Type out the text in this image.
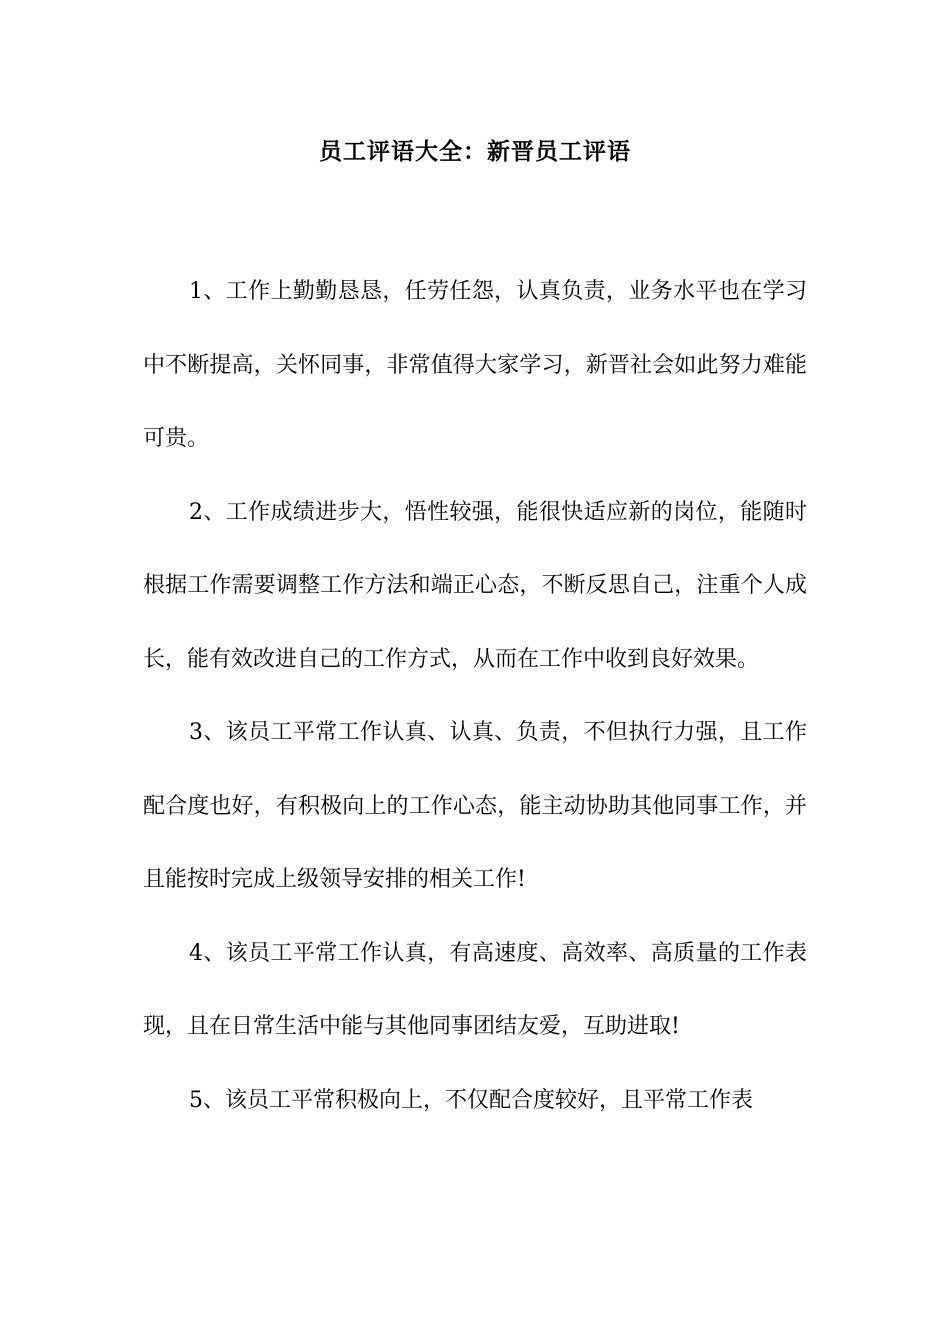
员工评语大全：新晋员工评语

1、工作上勤勤恳恳，任劳任怨，认真负责，业务水平也在学习中不断提高，关怀同事，非常值得大家学习，新晋社会如此努力难能可贵。

2、工作成绩进步大，悟性较强，能很快适应新的岗位，能随时根据工作需要调整工作方法和端正心态，不断反思自己，注重个人成长，能有效改进自己的工作方式，从而在工作中收到良好效果。

3、该员工平常工作认真、认真、负责，不但执行力强，且工作配合度也好，有积极向上的工作心态，能主动协助其他同事工作，并且能按时完成上级领导安排的相关工作!

4、该员工平常工作认真，有高速度、高效率、高质量的工作表现，且在日常生活中能与其他同事团结友爱，互助进取!

5、该员工平常积极向上，不仅配合度较好，且平常工作表
